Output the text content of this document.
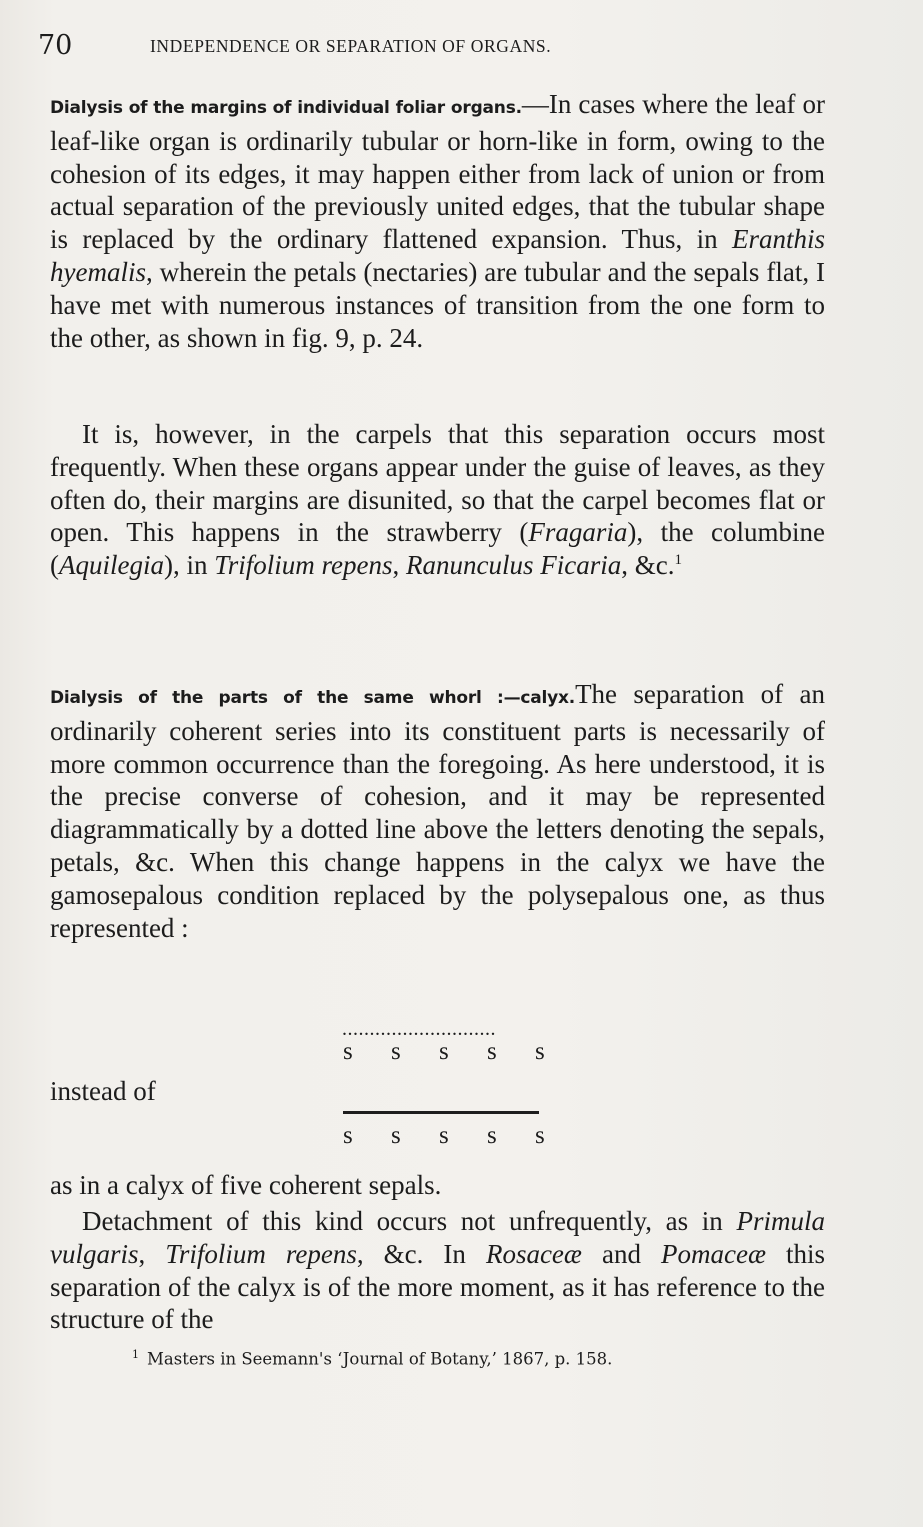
70	INDEPENDENCE OR SEPARATION OF ORGANS.

Dialysis of the margins of individual foliar organs.—In cases where the leaf or leaf-like organ is ordinarily tubular or horn-like in form, owing to the cohesion of its edges, it may happen either from lack of union or from actual separation of the previously united edges, that the tubular shape is replaced by the ordinary flattened expansion. Thus, in Eranthis hyemalis, wherein the petals (nectaries) are tubular and the sepals flat, I have met with numerous instances of transition from the one form to the other, as shown in fig. 9, p. 24.

It is, however, in the carpels that this separation occurs most frequently. When these organs appear under the guise of leaves, as they often do, their margins are disunited, so that the carpel becomes flat or open. This happens in the strawberry (Fragaria), the columbine (Aquilegia), in Trifolium repens, Ranunculus Ficaria, &c.$^1$

Dialysis of the parts of the same whorl :—calyx.The separation of an ordinarily coherent series into its constituent parts is necessarily of more common occurrence than the foregoing. As here understood, it is the precise converse of cohesion, and it may be represented diagrammatically by a dotted line above the letters denoting the sepals, petals, &c. When this change happens in the calyx we have the gamosepalous condition replaced by the polysepalous one, as thus represented :

............................
s	s	s	s	s
instead of
s	s	s	s	s
as in a calyx of five coherent sepals.

Detachment of this kind occurs not unfrequently, as in Primula vulgaris, Trifolium repens, &c. In Rosaceæ and Pomaceæ this separation of the calyx is of the more moment, as it has reference to the structure of the

$^1$ Masters in Seemann's ‘Journal of Botany,’ 1867, p. 158.
